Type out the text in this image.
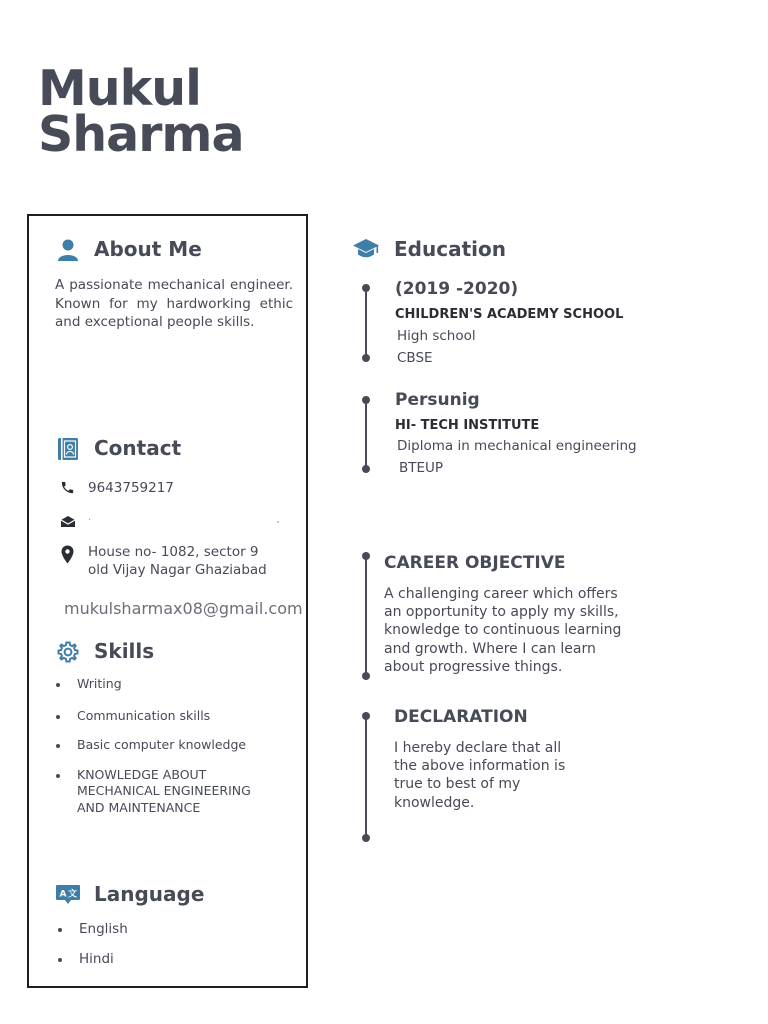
Mukul
Sharma
About Me
A passionate mechanical engineer. Known for my hardworking ethic and exceptional people skills.
Contact
9643759217
.
House no- 1082, sector 9
old Vijay Nagar Ghaziabad
mukulsharmax08@gmail.com
Skills
Writing
Communication skills
Basic computer knowledge
KNOWLEDGE ABOUT MECHANICAL ENGINEERING AND MAINTENANCE
A 文 Language
English
Hindi
Education
(2019 -2020)
CHILDREN'S ACADEMY SCHOOL
High school
CBSE
Persunig
HI- TECH INSTITUTE
Diploma in mechanical engineering
BTEUP
CAREER OBJECTIVE
A challenging career which offers an opportunity to apply my skills, knowledge to continuous learning and growth. Where I can learn about progressive things.
DECLARATION
I hereby declare that all the above information is true to best of my knowledge.
